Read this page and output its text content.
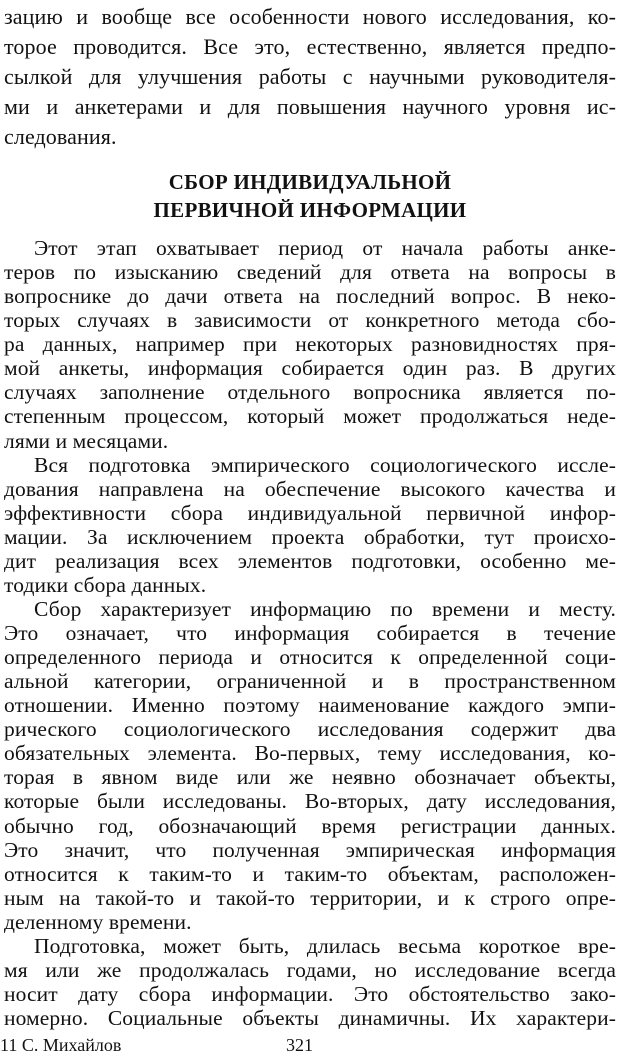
зацию и вообще все особенности нового исследования, ко-
торое проводится. Все это, естественно, является предпо-
сылкой для улучшения работы с научными руководителя-
ми и анкетерами и для повышения научного уровня ис-
следования.
СБОР ИНДИВИДУАЛЬНОЙ
ПЕРВИЧНОЙ ИНФОРМАЦИИ
Этот этап охватывает период от начала работы анке-
теров по изысканию сведений для ответа на вопросы в
вопроснике до дачи ответа на последний вопрос. В неко-
торых случаях в зависимости от конкретного метода сбо-
ра данных, например при некоторых разновидностях пря-
мой анкеты, информация собирается один раз. В других
случаях заполнение отдельного вопросника является по-
степенным процессом, который может продолжаться неде-
лями и месяцами.
Вся подготовка эмпирического социологического иссле-
дования направлена на обеспечение высокого качества и
эффективности сбора индивидуальной первичной инфор-
мации. За исключением проекта обработки, тут происхо-
дит реализация всех элементов подготовки, особенно ме-
тодики сбора данных.
Сбор характеризует информацию по времени и месту.
Это означает, что информация собирается в течение
определенного периода и относится к определенной соци-
альной категории, ограниченной и в пространственном
отношении. Именно поэтому наименование каждого эмпи-
рического социологического исследования содержит два
обязательных элемента. Во-первых, тему исследования, ко-
торая в явном виде или же неявно обозначает объекты,
которые были исследованы. Во-вторых, дату исследования,
обычно год, обозначающий время регистрации данных.
Это значит, что полученная эмпирическая информация
относится к таким-то и таким-то объектам, расположен-
ным на такой-то и такой-то территории, и к строго опре-
деленному времени.
Подготовка, может быть, длилась весьма короткое вре-
мя или же продолжалась годами, но исследование всегда
носит дату сбора информации. Это обстоятельство зако-
номерно. Социальные объекты динамичны. Их характери-
11 С. Михайлов	321
